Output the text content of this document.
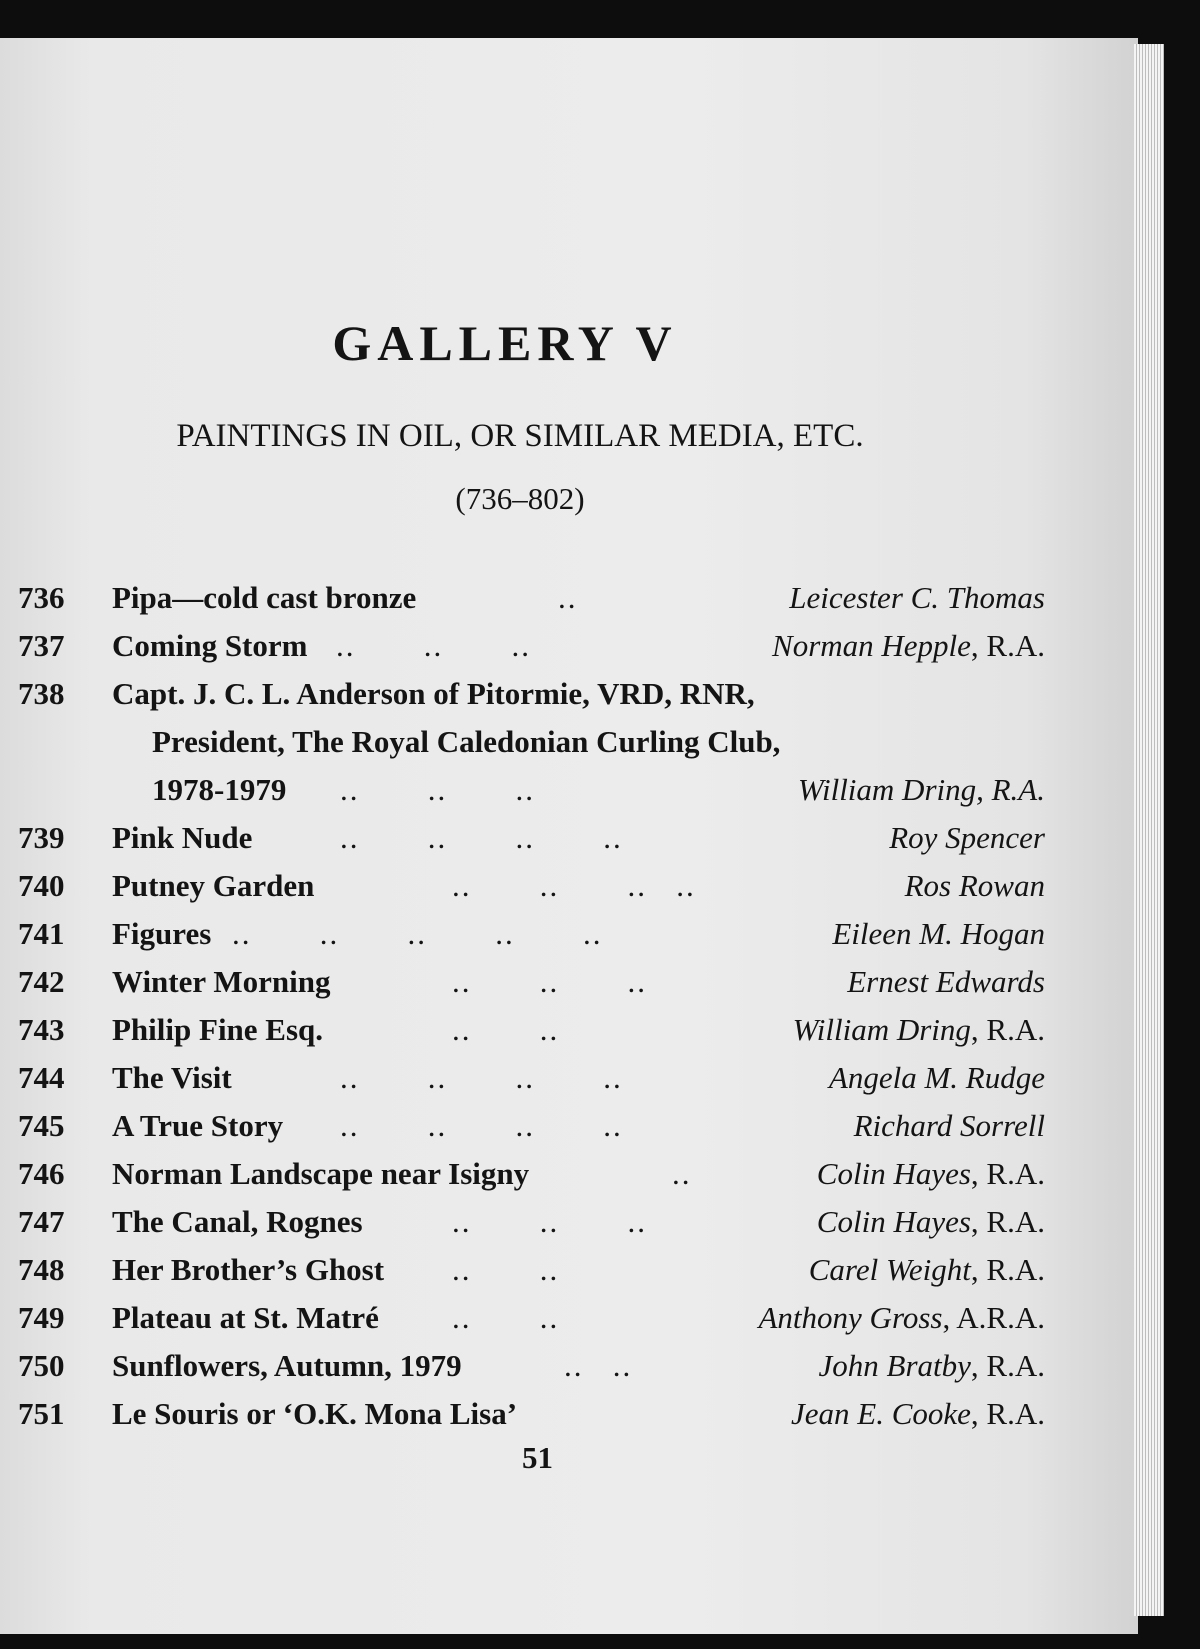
GALLERY V
PAINTINGS IN OIL, OR SIMILAR MEDIA, ETC.
(736–802)
736 Pipa—cold cast bronze	..	Leicester C. Thomas
737 Coming Storm ..       ..       ..	Norman Hepple, R.A.
738 Capt. J. C. L. Anderson of Pitormie, VRD, RNR,
President, The Royal Caledonian Curling Club,
1978-1979 ..       ..       ..	William Dring, R.A.
739 Pink Nude	..       ..       ..       ..	Roy Spencer
740 Putney Garden	..       ..       ..   ..	Ros Rowan
741 Figures ..       ..       ..       ..       ..	Eileen M. Hogan
742 Winter Morning	..       ..       ..	Ernest Edwards
743 Philip Fine Esq.	..       ..	William Dring, R.A.
744 The Visit	..       ..       ..       ..	Angela M. Rudge
745 A True Story ..       ..       ..       ..	Richard Sorrell
746 Norman Landscape near Isigny	..	Colin Hayes, R.A.
747 The Canal, Rognes	..       ..       ..	Colin Hayes, R.A.
748 Her Brother’s Ghost ..       ..	Carel Weight, R.A.
749 Plateau at St. Matré ..       ..	Anthony Gross, A.R.A.
750 Sunflowers, Autumn, 1979	..   ..	John Bratby, R.A.
751 Le Souris or ‘O.K. Mona Lisa’	Jean E. Cooke, R.A.
51
